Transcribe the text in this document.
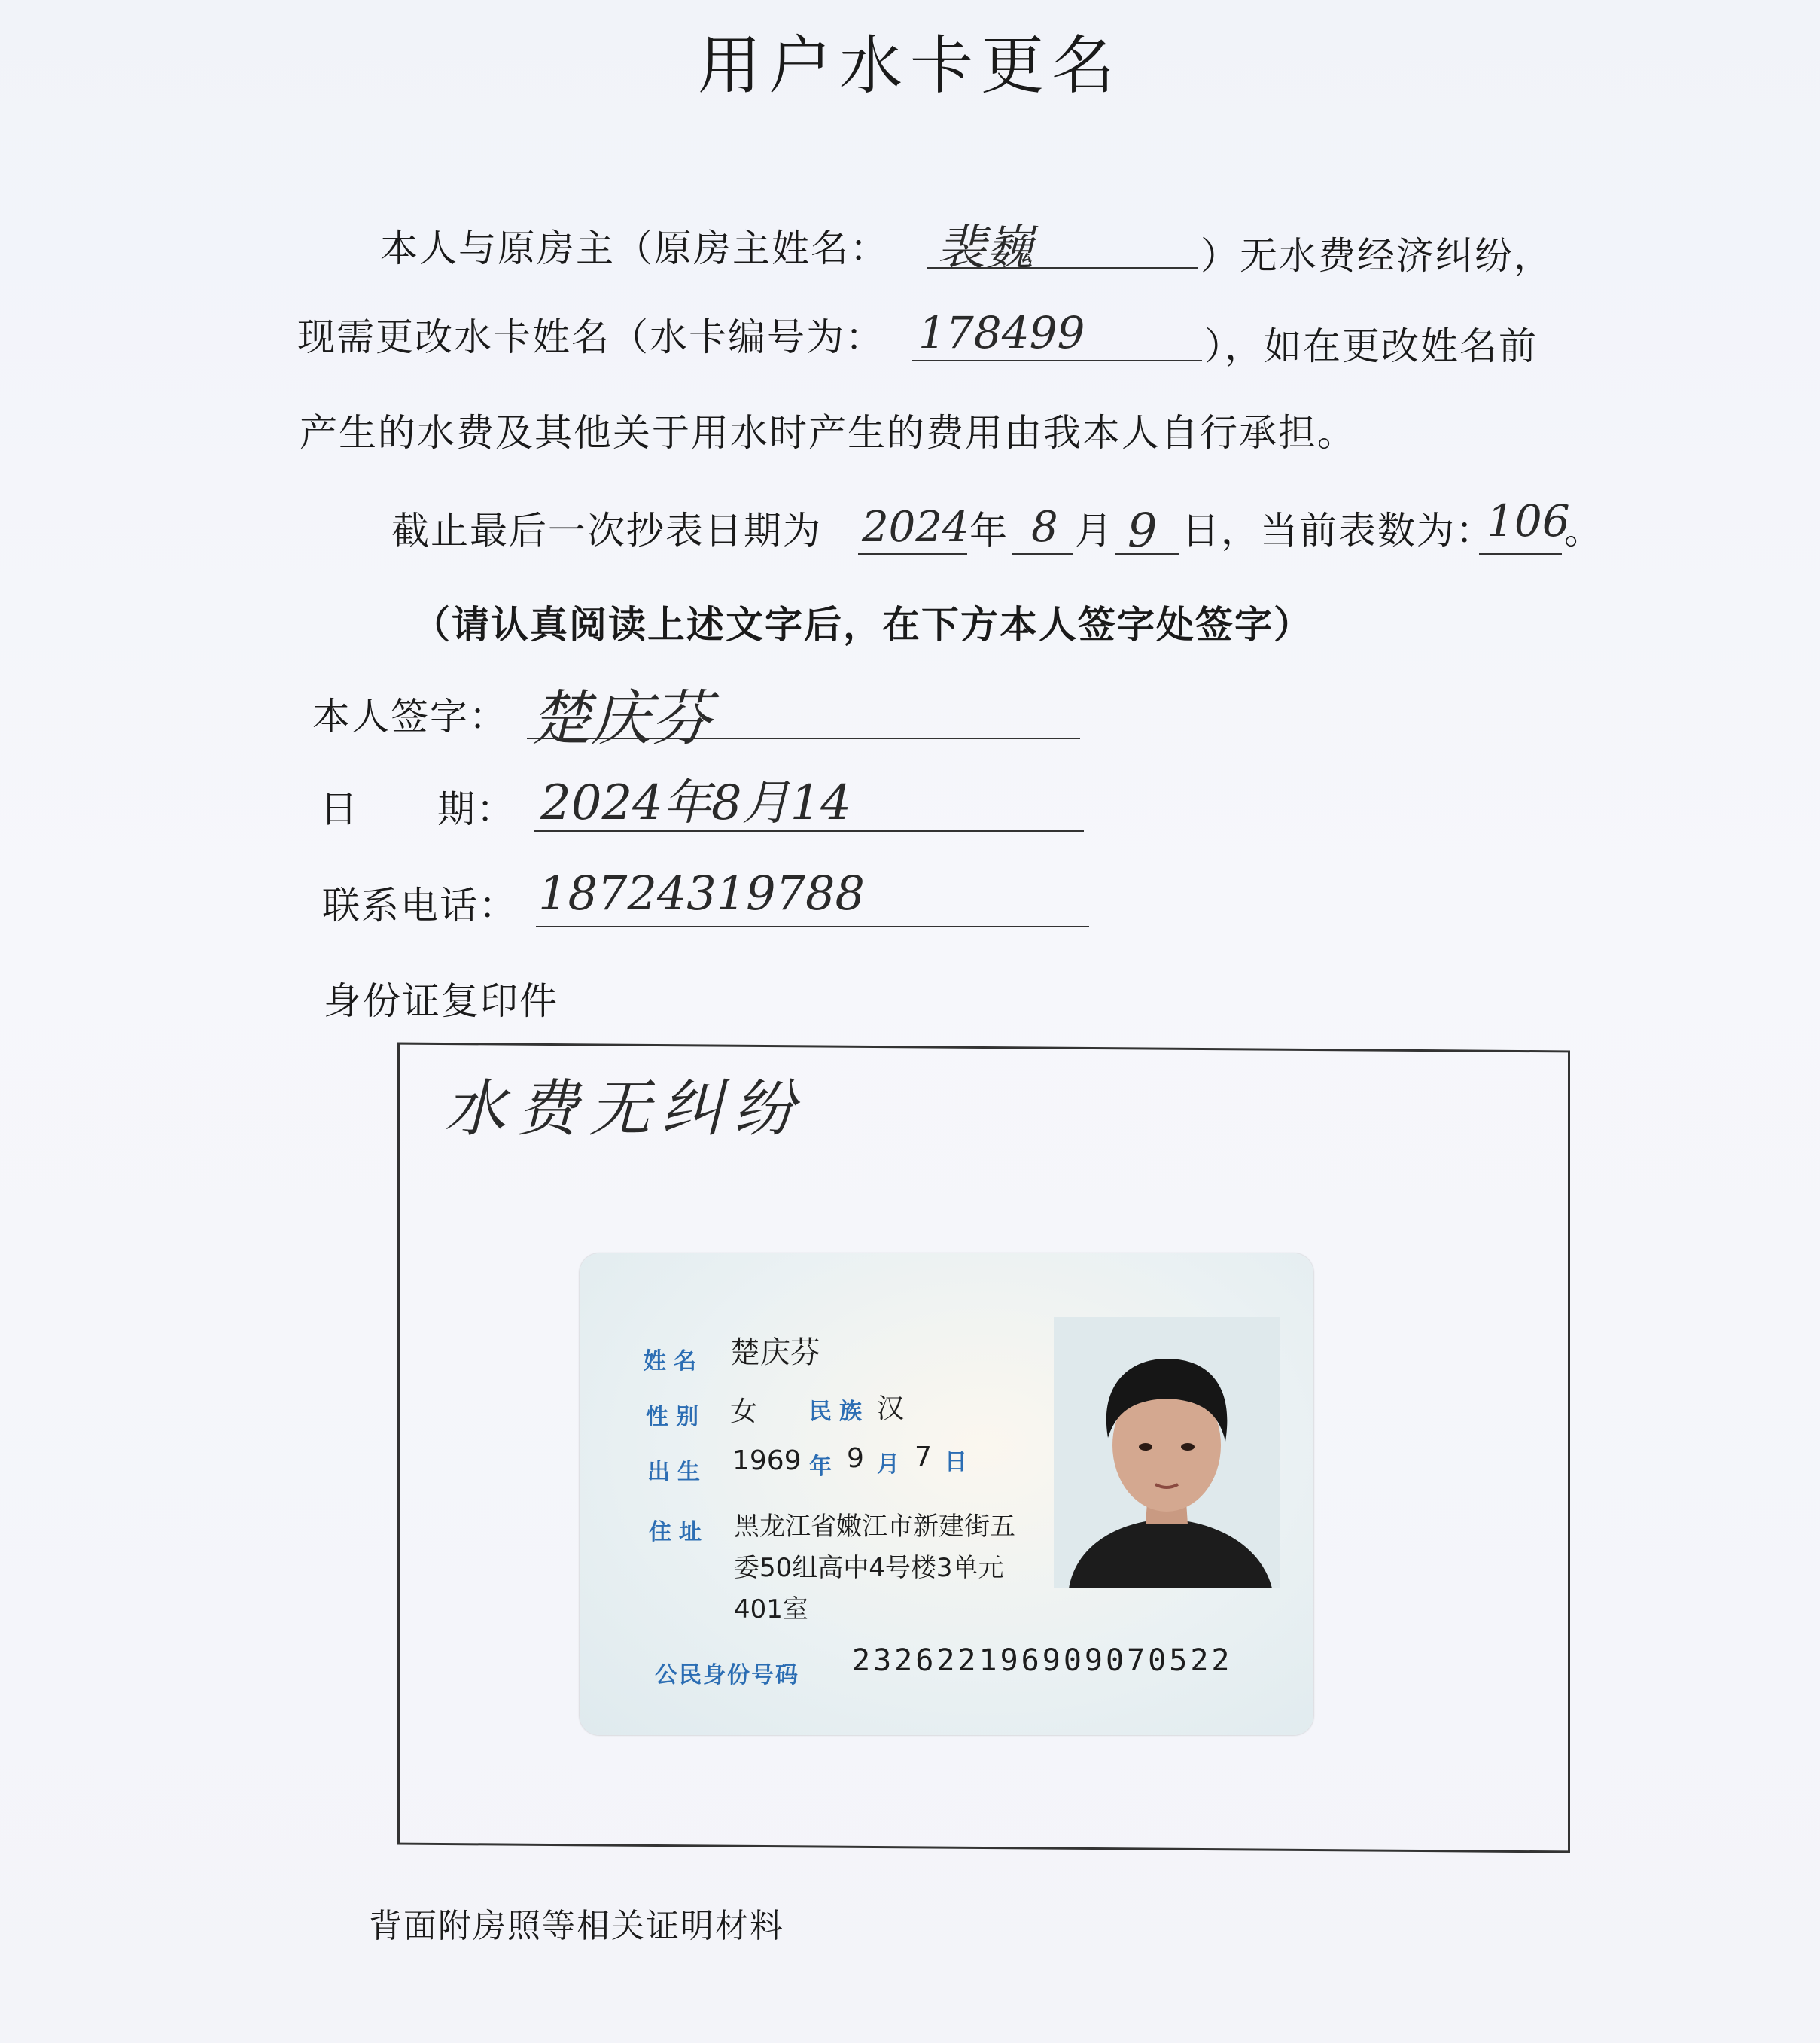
用户水卡更名
本人与原房主（原房主姓名： 裴巍	）无水费经济纠纷，
现需更改水卡姓名（水卡编号为： 178499	），如在更改姓名前
产生的水费及其他关于用水时产生的费用由我本人自行承担。
截止最后一次抄表日期为 2024 年 8 月 9 日，当前表数为：
106
。
（请认真阅读上述文字后，在下方本人签字处签字）
本人签字： 楚庆芬
日　　期： 2024年8月14
联系电话： 18724319788
身份证复印件
水费无纠纷
姓名 楚庆芬
性别 女 民族 汉
出生 1969 年 9 月 7 日
住址 黑龙江省嫩江市新建街五
委50组高中4号楼3单元
401室
公民身份号码 232622196909070522
背面附房照等相关证明材料
